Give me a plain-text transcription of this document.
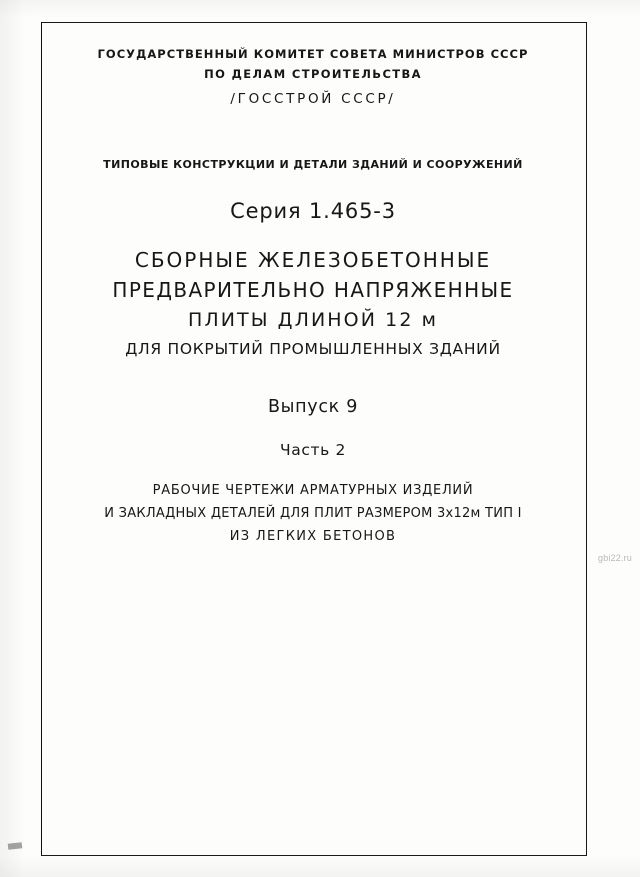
ГОСУДАРСТВЕННЫЙ КОМИТЕТ СОВЕТА МИНИСТРОВ СССР
ПО ДЕЛАМ СТРОИТЕЛЬСТВА
/ГОССТРОЙ СССР/
ТИПОВЫЕ КОНСТРУКЦИИ И ДЕТАЛИ ЗДАНИЙ И СООРУЖЕНИЙ
Серия 1.465-3
СБОРНЫЕ ЖЕЛЕЗОБЕТОННЫЕ
ПРЕДВАРИТЕЛЬНО НАПРЯЖЕННЫЕ
ПЛИТЫ ДЛИНОЙ 12 м
ДЛЯ ПОКРЫТИЙ ПРОМЫШЛЕННЫХ ЗДАНИЙ
Выпуск 9
Часть 2
РАБОЧИЕ ЧЕРТЕЖИ АРМАТУРНЫХ ИЗДЕЛИЙ
И ЗАКЛАДНЫХ ДЕТАЛЕЙ ДЛЯ ПЛИТ РАЗМЕРОМ 3х12м ТИП I
ИЗ ЛЕГКИХ БЕТОНОВ
gbi22.ru
